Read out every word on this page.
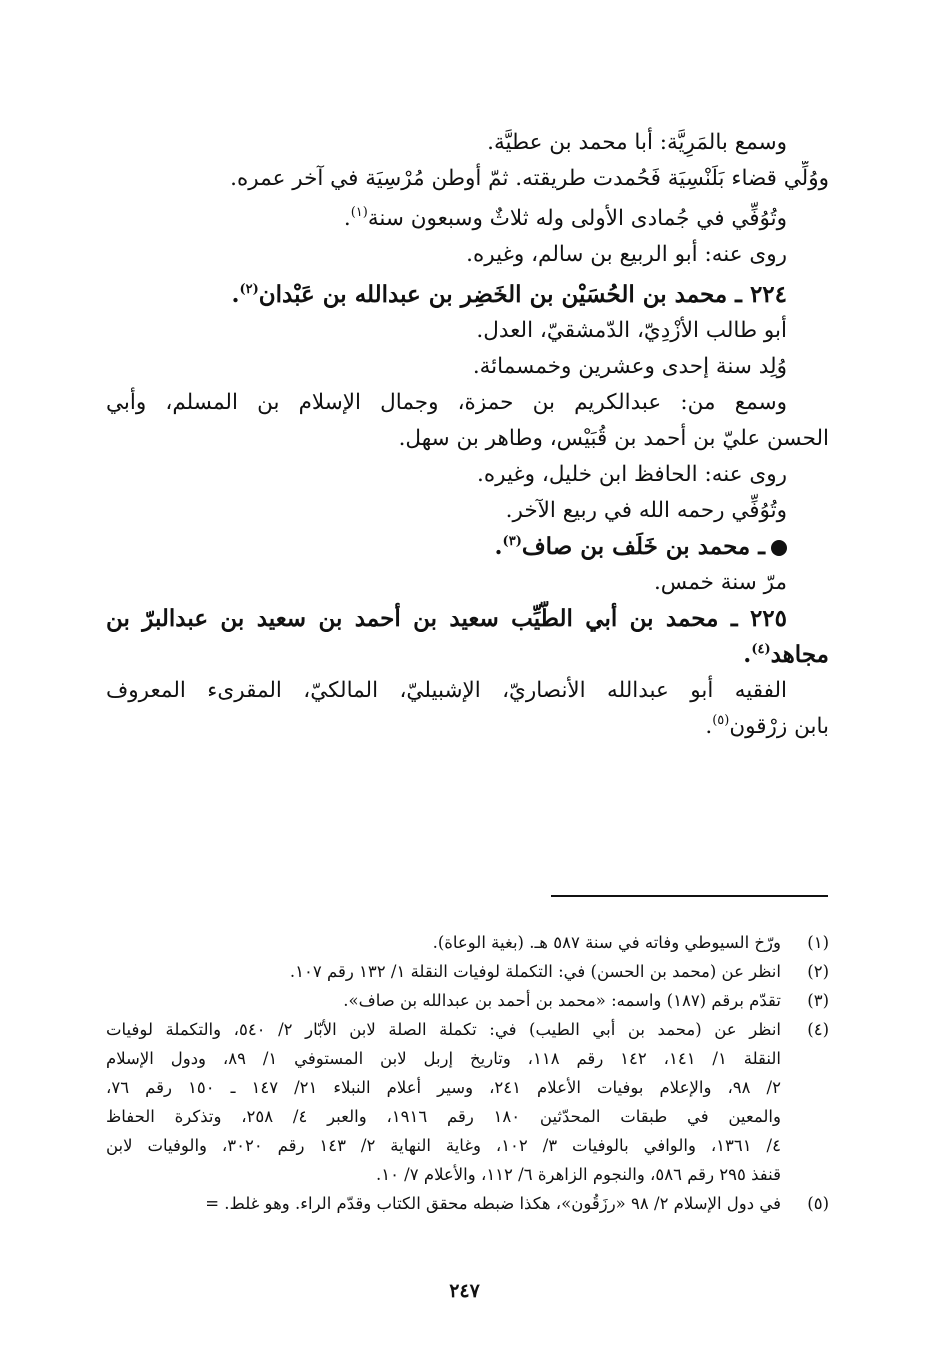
وسمع بالمَرِيَّة: أبا محمد بن عطيَّة.
ووُلِّي قضاء بَلَنْسِيَة فَحُمدت طريقته. ثمّ أوطن مُرْسِيَة في آخر عمره.
وتُوُفِّي في جُمادى الأولى وله ثلاثٌ وسبعون سنة$^{(١)}$.
روى عنه: أبو الربيع بن سالم، وغيره.
٢٢٤ ـ محمد بن الحُسَيْن بن الخَضِر بن عبدالله بن عَبْدان$^{(٢)}$.
أبو طالب الأزْدِيّ، الدّمشقيّ، العدل.
وُلِد سنة إحدى وعشرين وخمسمائة.
وسمع من: عبدالكريم بن حمزة، وجمال الإسلام بن المسلم، وأبي
الحسن عليّ بن أحمد بن قُبَيْس، وطاهر بن سهل.
روى عنه: الحافظ ابن خليل، وغيره.
وتُوُفِّي رحمه الله في ربيع الآخر.
ـ محمد بن خَلَف بن صاف$^{(٣)}$.
مرّ سنة خمس.
٢٢٥ ـ محمد بن أبي الطَّيِّب سعيد بن أحمد بن سعيد بن عبدالبرّ بن
مجاهد$^{(٤)}$.
الفقيه أبو عبدالله الأنصاريّ، الإشبيليّ، المالكيّ، المقرىء المعروف
بابن زرْقون$^{(٥)}$.
(١)
ورّخ السيوطي وفاته في سنة ٥٨٧ هـ. (بغية الوعاة).
(٢)
انظر عن (محمد بن الحسن) في: التكملة لوفيات النقلة ١/ ١٣٢ رقم ١٠٧.
(٣)
تقدّم برقم (١٨٧) واسمه: «محمد بن أحمد بن عبدالله بن صاف».
(٤)
انظر عن (محمد بن أبي الطيب) في: تكملة الصلة لابن الأبّار ٢/ ٥٤٠، والتكملة لوفيات
النقلة ١/ ١٤١، ١٤٢ رقم ١١٨، وتاريخ إربل لابن المستوفي ١/ ٨٩، ودول الإسلام
٢/ ٩٨، والإعلام بوفيات الأعلام ٢٤١، وسير أعلام النبلاء ٢١/ ١٤٧ ـ ١٥٠ رقم ٧٦،
والمعين في طبقات المحدّثين ١٨٠ رقم ١٩١٦، والعبر ٤/ ٢٥٨، وتذكرة الحفاظ
٤/ ١٣٦١، والوافي بالوفيات ٣/ ١٠٢، وغاية النهاية ٢/ ١٤٣ رقم ٣٠٢٠، والوفيات لابن
قنفذ ٢٩٥ رقم ٥٨٦، والنجوم الزاهرة ٦/ ١١٢، والأعلام ٧/ ١٠.
(٥)
في دول الإسلام ٢/ ٩٨ «رزَقُون»، هكذا ضبطه محقق الكتاب وقدّم الراء. وهو غلط. =
٢٤٧
